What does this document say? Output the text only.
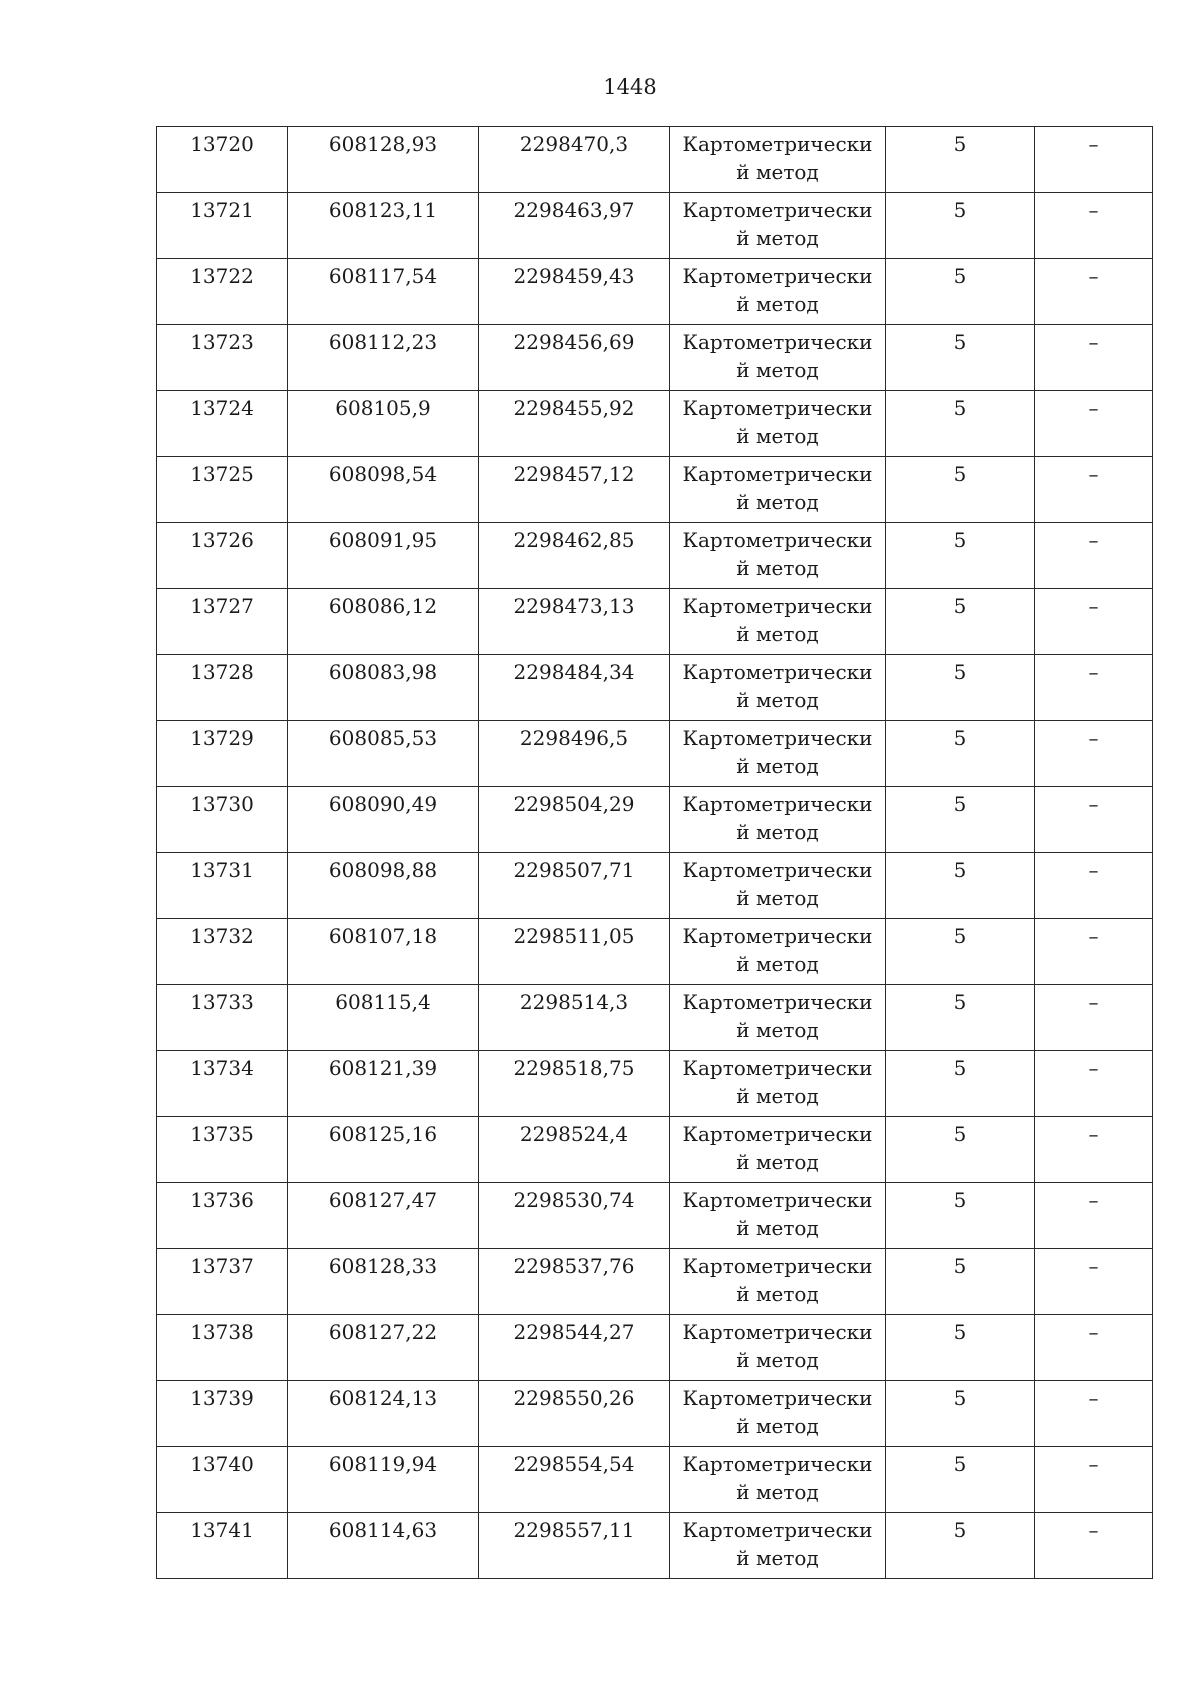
1448
13720	608128,93	2298470,3	Картометрически й метод	5	–
13721	608123,11	2298463,97	Картометрически й метод	5	–
13722	608117,54	2298459,43	Картометрически й метод	5	–
13723	608112,23	2298456,69	Картометрически й метод	5	–
13724	608105,9	2298455,92	Картометрически й метод	5	–
13725	608098,54	2298457,12	Картометрически й метод	5	–
13726	608091,95	2298462,85	Картометрически й метод	5	–
13727	608086,12	2298473,13	Картометрически й метод	5	–
13728	608083,98	2298484,34	Картометрически й метод	5	–
13729	608085,53	2298496,5	Картометрически й метод	5	–
13730	608090,49	2298504,29	Картометрически й метод	5	–
13731	608098,88	2298507,71	Картометрически й метод	5	–
13732	608107,18	2298511,05	Картометрически й метод	5	–
13733	608115,4	2298514,3	Картометрически й метод	5	–
13734	608121,39	2298518,75	Картометрически й метод	5	–
13735	608125,16	2298524,4	Картометрически й метод	5	–
13736	608127,47	2298530,74	Картометрически й метод	5	–
13737	608128,33	2298537,76	Картометрически й метод	5	–
13738	608127,22	2298544,27	Картометрически й метод	5	–
13739	608124,13	2298550,26	Картометрически й метод	5	–
13740	608119,94	2298554,54	Картометрически й метод	5	–
13741	608114,63	2298557,11	Картометрически й метод	5	–
